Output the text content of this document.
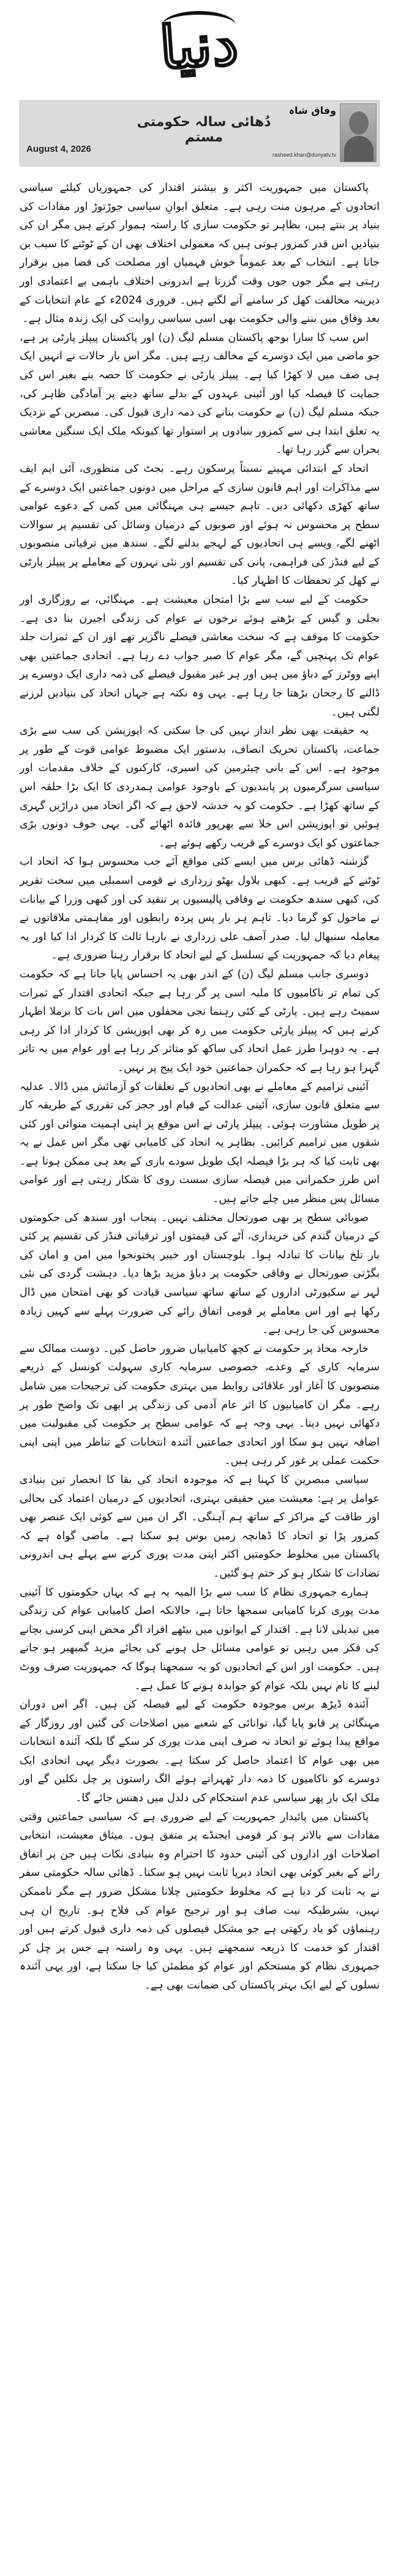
دنیا
August 4, 2026
دُھائی سالہ حکومتی مستم
وفاق شاہ
rasheed.khan@dunyatv.tv

پاکستان میں جمہوریت اکثر و بیشتر اقتدار کی جمہوریاں کیلئے سیاسی اتحادوں کے مرہون منت رہی ہے۔ متعلق ایوانِ سیاسی جوڑتوڑ اور مفادات کی بنیاد پر بنتے ہیں، بظاہر تو حکومت سازی کا راستہ ہموار کرتے ہیں مگر ان کی بنیادیں اس قدر کمزور ہوتی ہیں کہ معمولی اختلاف بھی ان کے ٹوٹنے کا سبب بن جاتا ہے۔ انتخاب کے بعد عموماً خوش فہمیاں اور مصلحت کی فضا میں برقرار رہتی ہے مگر جوں جوں وقت گزرتا ہے اندرونی اختلاف باہمی بے اعتمادی اور دیرینہ مخالفت کھل کر سامنے آنے لگتے ہیں۔ فروری 2024ء کے عام انتخابات کے بعد وفاق میں بننے والی حکومت بھی اسی سیاسی روایت کی ایک زندہ مثال ہے۔

اس سب کا سارا بوجھ پاکستان مسلم لیگ (ن) اور پاکستان پیپلز پارٹی پر ہے، جو ماضی میں ایک دوسرے کے مخالف رہے ہیں۔ مگر اس بار حالات نے انہیں ایک ہی صف میں لا کھڑا کیا ہے۔ پیپلز پارٹی نے حکومت کا حصہ بنے بغیر اس کی حمایت کا فیصلہ کیا اور آئینی عہدوں کے بدلے ساتھ دینے پر آمادگی ظاہر کی، جبکہ مسلم لیگ (ن) نے حکومت بنانے کی ذمہ داری قبول کی۔ مبصرین کے نزدیک یہ تعلق ابتدا ہی سے کمزور بنیادوں پر استوار تھا کیونکہ ملک ایک سنگین معاشی بحران سے گزر رہا تھا۔

اتحاد کے ابتدائی مہینے نسبتاً پرسکون رہے۔ بجٹ کی منظوری، آئی ایم ایف سے مذاکرات اور اہم قانون سازی کے مراحل میں دونوں جماعتیں ایک دوسرے کے ساتھ کھڑی دکھائی دیں۔ تاہم جیسے ہی مہنگائی میں کمی کے دعوے عوامی سطح پر محسوس نہ ہوئے اور صوبوں کے درمیان وسائل کی تقسیم پر سوالات اٹھنے لگے، ویسے ہی اتحادیوں کے لہجے بدلنے لگے۔ سندھ میں ترقیاتی منصوبوں کے لیے فنڈز کی فراہمی، پانی کی تقسیم اور نئی نہروں کے معاملے پر پیپلز پارٹی نے کھل کر تحفظات کا اظہار کیا۔

حکومت کے لیے سب سے بڑا امتحان معیشت ہے۔ مہنگائی، بے روزگاری اور بجلی و گیس کے بڑھتے ہوئے نرخوں نے عوام کی زندگی اجیرن بنا دی ہے۔ حکومت کا موقف ہے کہ سخت معاشی فیصلے ناگزیر تھے اور ان کے ثمرات جلد عوام تک پہنچیں گے، مگر عوام کا صبر جواب دے رہا ہے۔ اتحادی جماعتیں بھی اپنے ووٹرز کے دباؤ میں ہیں اور ہر غیر مقبول فیصلے کی ذمہ داری ایک دوسرے پر ڈالنے کا رجحان بڑھتا جا رہا ہے۔ یہی وہ نکتہ ہے جہاں اتحاد کی بنیادیں لرزنے لگتی ہیں۔

یہ حقیقت بھی نظر انداز نہیں کی جا سکتی کہ اپوزیشن کی سب سے بڑی جماعت، پاکستان تحریک انصاف، بدستور ایک مضبوط عوامی قوت کے طور پر موجود ہے۔ اس کے بانی چیئرمین کی اسیری، کارکنوں کے خلاف مقدمات اور سیاسی سرگرمیوں پر پابندیوں کے باوجود عوامی ہمدردی کا ایک بڑا حلقہ اس کے ساتھ کھڑا ہے۔ حکومت کو یہ خدشہ لاحق ہے کہ اگر اتحاد میں دراڑیں گہری ہوئیں تو اپوزیشن اس خلا سے بھرپور فائدہ اٹھائے گی۔ یہی خوف دونوں بڑی جماعتوں کو ایک دوسرے کے قریب رکھے ہوئے ہے۔

گزشتہ ڈھائی برس میں ایسے کئی مواقع آئے جب محسوس ہوا کہ اتحاد اب ٹوٹنے کے قریب ہے۔ کبھی بلاول بھٹو زرداری نے قومی اسمبلی میں سخت تقریر کی، کبھی سندھ حکومت نے وفاقی پالیسیوں پر تنقید کی اور کبھی وزرا کے بیانات نے ماحول کو گرما دیا۔ تاہم ہر بار پس پردہ رابطوں اور مفاہمتی ملاقاتوں نے معاملہ سنبھال لیا۔ صدر آصف علی زرداری نے بارہا ثالث کا کردار ادا کیا اور یہ پیغام دیا کہ جمہوریت کے تسلسل کے لیے اتحاد کا برقرار رہنا ضروری ہے۔

دوسری جانب مسلم لیگ (ن) کے اندر بھی یہ احساس پایا جاتا ہے کہ حکومت کی تمام تر ناکامیوں کا ملبہ اسی پر گر رہا ہے جبکہ اتحادی اقتدار کے ثمرات سمیٹ رہے ہیں۔ پارٹی کے کئی رہنما نجی محفلوں میں اس بات کا برملا اظہار کرتے ہیں کہ پیپلز پارٹی حکومت میں رہ کر بھی اپوزیشن کا کردار ادا کر رہی ہے۔ یہ دوہرا طرز عمل اتحاد کی ساکھ کو متاثر کر رہا ہے اور عوام میں یہ تاثر گہرا ہو رہا ہے کہ حکمران جماعتیں خود ایک پیج پر نہیں۔

آئینی ترامیم کے معاملے نے بھی اتحادیوں کے تعلقات کو آزمائش میں ڈالا۔ عدلیہ سے متعلق قانون سازی، آئینی عدالت کے قیام اور ججز کی تقرری کے طریقہ کار پر طویل مشاورت ہوئی۔ پیپلز پارٹی نے اس موقع پر اپنی اہمیت منوائی اور کئی شقوں میں ترامیم کرائیں۔ بظاہر یہ اتحاد کی کامیابی تھی مگر اس عمل نے یہ بھی ثابت کیا کہ ہر بڑا فیصلہ ایک طویل سودے بازی کے بعد ہی ممکن ہوتا ہے۔ اس طرز حکمرانی میں فیصلہ سازی سست روی کا شکار رہتی ہے اور عوامی مسائل پس منظر میں چلے جاتے ہیں۔

صوبائی سطح پر بھی صورتحال مختلف نہیں۔ پنجاب اور سندھ کی حکومتوں کے درمیان گندم کی خریداری، آٹے کی قیمتوں اور ترقیاتی فنڈز کی تقسیم پر کئی بار تلخ بیانات کا تبادلہ ہوا۔ بلوچستان اور خیبر پختونخوا میں امن و امان کی بگڑتی صورتحال نے وفاقی حکومت پر دباؤ مزید بڑھا دیا۔ دہشت گردی کی نئی لہر نے سکیورٹی اداروں کے ساتھ ساتھ سیاسی قیادت کو بھی امتحان میں ڈال رکھا ہے اور اس معاملے پر قومی اتفاق رائے کی ضرورت پہلے سے کہیں زیادہ محسوس کی جا رہی ہے۔

خارجہ محاذ پر حکومت نے کچھ کامیابیاں ضرور حاصل کیں۔ دوست ممالک سے سرمایہ کاری کے وعدے، خصوصی سرمایہ کاری سہولت کونسل کے ذریعے منصوبوں کا آغاز اور علاقائی روابط میں بہتری حکومت کی ترجیحات میں شامل رہے۔ مگر ان کامیابیوں کا اثر عام آدمی کی زندگی پر ابھی تک واضح طور پر دکھائی نہیں دیتا۔ یہی وجہ ہے کہ عوامی سطح پر حکومت کی مقبولیت میں اضافہ نہیں ہو سکا اور اتحادی جماعتیں آئندہ انتخابات کے تناظر میں اپنی اپنی حکمت عملی پر غور کر رہی ہیں۔

سیاسی مبصرین کا کہنا ہے کہ موجودہ اتحاد کی بقا کا انحصار تین بنیادی عوامل پر ہے: معیشت میں حقیقی بہتری، اتحادیوں کے درمیان اعتماد کی بحالی اور طاقت کے مراکز کے ساتھ ہم آہنگی۔ اگر ان میں سے کوئی ایک عنصر بھی کمزور پڑا تو اتحاد کا ڈھانچہ زمین بوس ہو سکتا ہے۔ ماضی گواہ ہے کہ پاکستان میں مخلوط حکومتیں اکثر اپنی مدت پوری کرنے سے پہلے ہی اندرونی تضادات کا شکار ہو کر ختم ہو گئیں۔

ہمارے جمہوری نظام کا سب سے بڑا المیہ یہ ہے کہ یہاں حکومتوں کا آئینی مدت پوری کرنا کامیابی سمجھا جاتا ہے، حالانکہ اصل کامیابی عوام کی زندگی میں تبدیلی لانا ہے۔ اقتدار کے ایوانوں میں بیٹھے افراد اگر محض اپنی کرسی بچانے کی فکر میں رہیں تو عوامی مسائل حل ہونے کی بجائے مزید گمبھیر ہو جاتے ہیں۔ حکومت اور اس کے اتحادیوں کو یہ سمجھنا ہوگا کہ جمہوریت صرف ووٹ لینے کا نام نہیں بلکہ عوام کو جوابدہ ہونے کا عمل ہے۔

آئندہ ڈیڑھ برس موجودہ حکومت کے لیے فیصلہ کن ہیں۔ اگر اس دوران مہنگائی پر قابو پایا گیا، توانائی کے شعبے میں اصلاحات کی گئیں اور روزگار کے مواقع پیدا ہوئے تو اتحاد نہ صرف اپنی مدت پوری کر سکے گا بلکہ آئندہ انتخابات میں بھی عوام کا اعتماد حاصل کر سکتا ہے۔ بصورت دیگر یہی اتحادی ایک دوسرے کو ناکامیوں کا ذمہ دار ٹھہراتے ہوئے الگ راستوں پر چل نکلیں گے اور ملک ایک بار پھر سیاسی عدم استحکام کی دلدل میں دھنس جائے گا۔

پاکستان میں پائیدار جمہوریت کے لیے ضروری ہے کہ سیاسی جماعتیں وقتی مفادات سے بالاتر ہو کر قومی ایجنڈے پر متفق ہوں۔ میثاق معیشت، انتخابی اصلاحات اور اداروں کی آئینی حدود کا احترام وہ بنیادی نکات ہیں جن پر اتفاق رائے کے بغیر کوئی بھی اتحاد دیرپا ثابت نہیں ہو سکتا۔ ڈھائی سالہ حکومتی سفر نے یہ ثابت کر دیا ہے کہ مخلوط حکومتیں چلانا مشکل ضرور ہے مگر ناممکن نہیں، بشرطیکہ نیت صاف ہو اور ترجیح عوام کی فلاح ہو۔ تاریخ ان ہی رہنماؤں کو یاد رکھتی ہے جو مشکل فیصلوں کی ذمہ داری قبول کرتے ہیں اور اقتدار کو خدمت کا ذریعہ سمجھتے ہیں۔ یہی وہ راستہ ہے جس پر چل کر جمہوری نظام کو مستحکم اور عوام کو مطمئن کیا جا سکتا ہے، اور یہی آئندہ نسلوں کے لیے ایک بہتر پاکستان کی ضمانت بھی ہے۔
